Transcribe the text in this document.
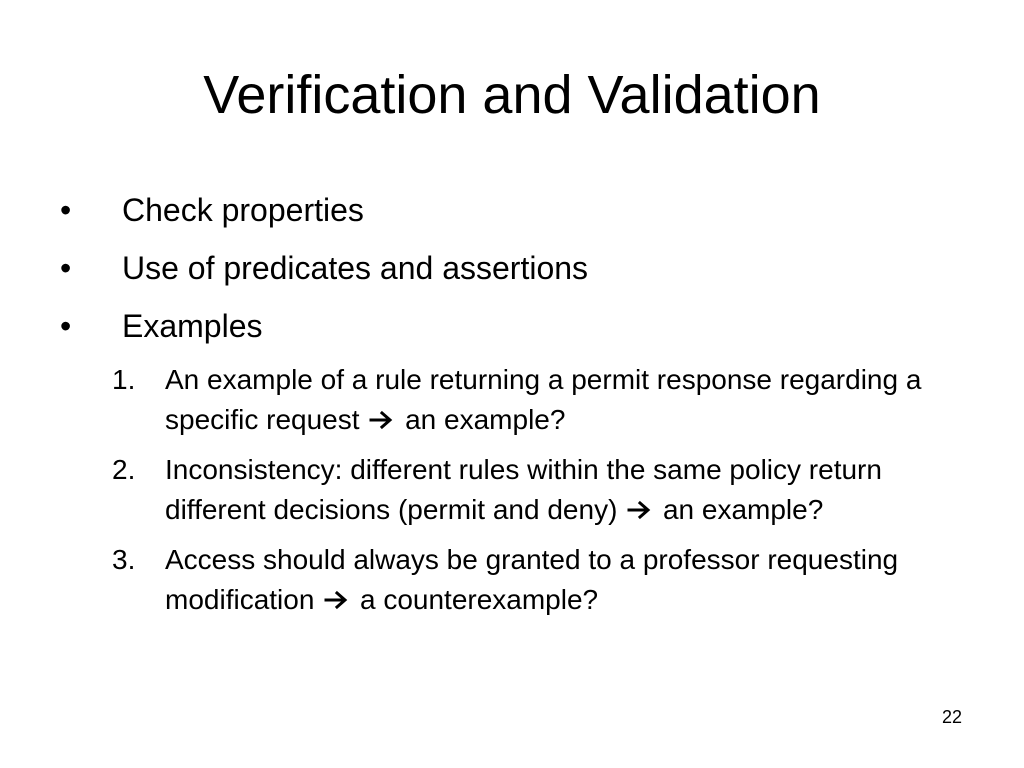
Verification and Validation
•	Check properties
•	Use of predicates and assertions
•	Examples
1.	An example of a rule returning a permit response regarding a specific request  an example?
2.	Inconsistency: different rules within the same policy return different decisions (permit and deny)  an example?
3.	Access should always be granted to a professor requesting modification  a counterexample?
22
